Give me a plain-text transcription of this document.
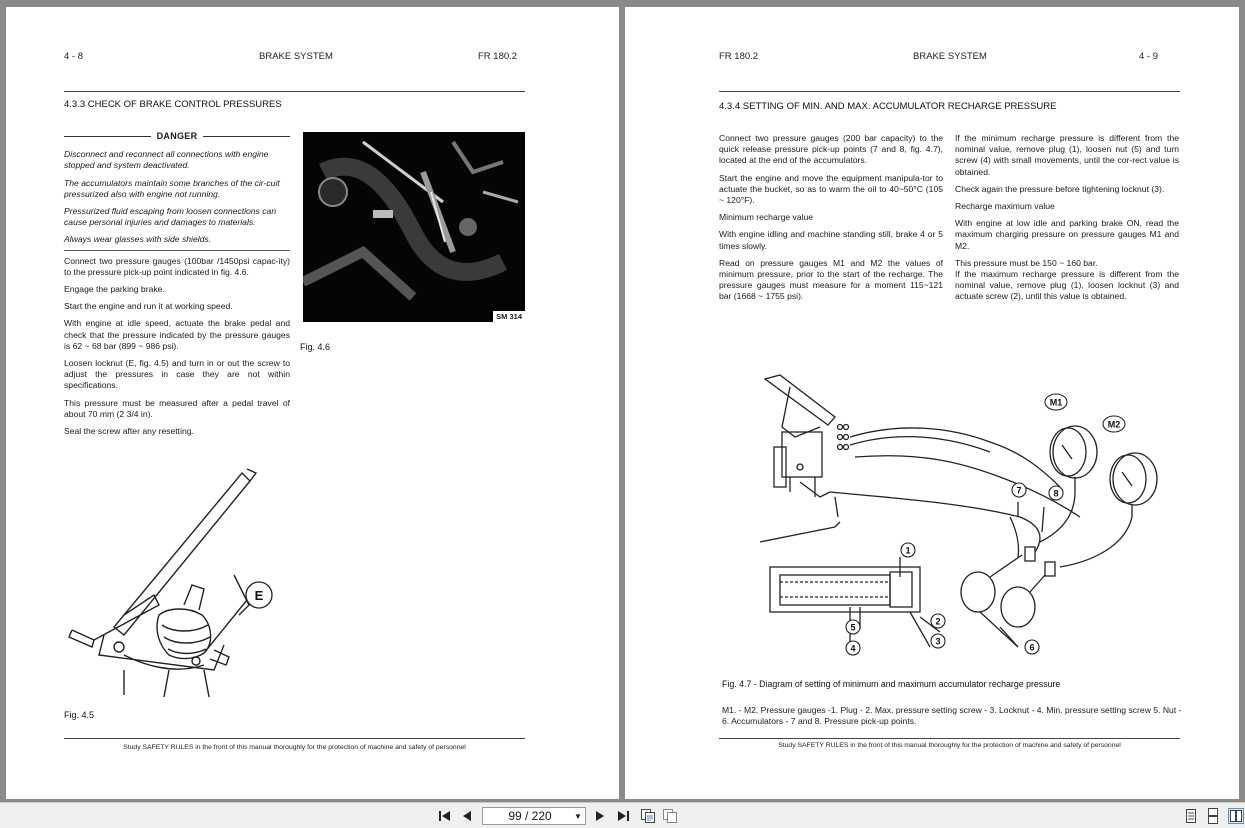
4 - 8	BRAKE SYSTEM	FR 180.2
4.3.3 CHECK OF BRAKE CONTROL PRESSURES
DANGER

Disconnect and reconnect all connections with engine stopped and system deactivated.

The accumulators maintain some branches of the cir-cuit pressurized also with engine not running.

Pressurized fluid escaping from loosen connections can cause personal injuries and damages to materials.

Always wear glasses with side shields.

Connect two pressure gauges (100bar /1450psi capac-ity) to the pressure pick-up point indicated in fig. 4.6.

Engage the parking brake.

Start the engine and run it at working speed.

With engine at idle speed, actuate the brake pedal and check that the pressure indicated by the pressure gauges is 62 ~ 68 bar (899 ~ 986 psi).

Loosen locknut (E, fig. 4.5) and turn in or out the screw to adjust the pressures in case they are not within specifications.

This pressure must be measured after a pedal travel of about 70 mm (2 3/4 in).

Seal the screw after any resetting.

SM 314
Fig. 4.6
E
Fig. 4.5
Study SAFETY RULES in the front of this manual thoroughly for the protection of machine and safety of personnel
FR 180.2	BRAKE SYSTEM	4 - 9
4.3.4 SETTING OF MIN. AND MAX. ACCUMULATOR RECHARGE PRESSURE

Connect two pressure gauges (200 bar capacity) to the quick release pressure pick-up points (7 and 8, fig. 4.7), located at the end of the accumulators.

Start the engine and move the equipment manipula-tor to actuate the bucket, so as to warm the oil to 40~50°C (105 ~ 120°F).

Minimum recharge value

With engine idling and machine standing still, brake 4 or 5 times slowly.

Read on pressure gauges M1 and M2 the values of minimum pressure, prior to the start of the recharge. The pressure gauges must measure for a moment 115~121 bar (1668 ~ 1755 psi).

If the minimum recharge pressure is different from the nominal value, remove plug (1), loosen nut (5) and turn screw (4) with small movements, until the cor-rect value is obtained.

Check again the pressure before tightening locknut (3).

Recharge maximum value

With engine at low idle and parking brake ON, read the maximum charging pressure on pressure gauges M1 and M2.

This pressure must be 150 ~ 160 bar.

If the maximum recharge pressure is different from the nominal value, remove plug (1), loosen locknut (3) and actuate screw (2), until this value is obtained.

1
2
3
4
5
6
7	8
M1
M2
Fig. 4.7 - Diagram of setting of minimum and maximum accumulator recharge pressure
M1. - M2. Pressure gauges -1. Plug - 2. Max. pressure setting screw - 3. Locknut - 4. Min. pressure setting screw 5. Nut - 6. Accumulators - 7 and 8. Pressure pick-up points.
Study SAFETY RULES in the front of this manual thoroughly for the protection of machine and safety of personnel
99 / 220	▼
